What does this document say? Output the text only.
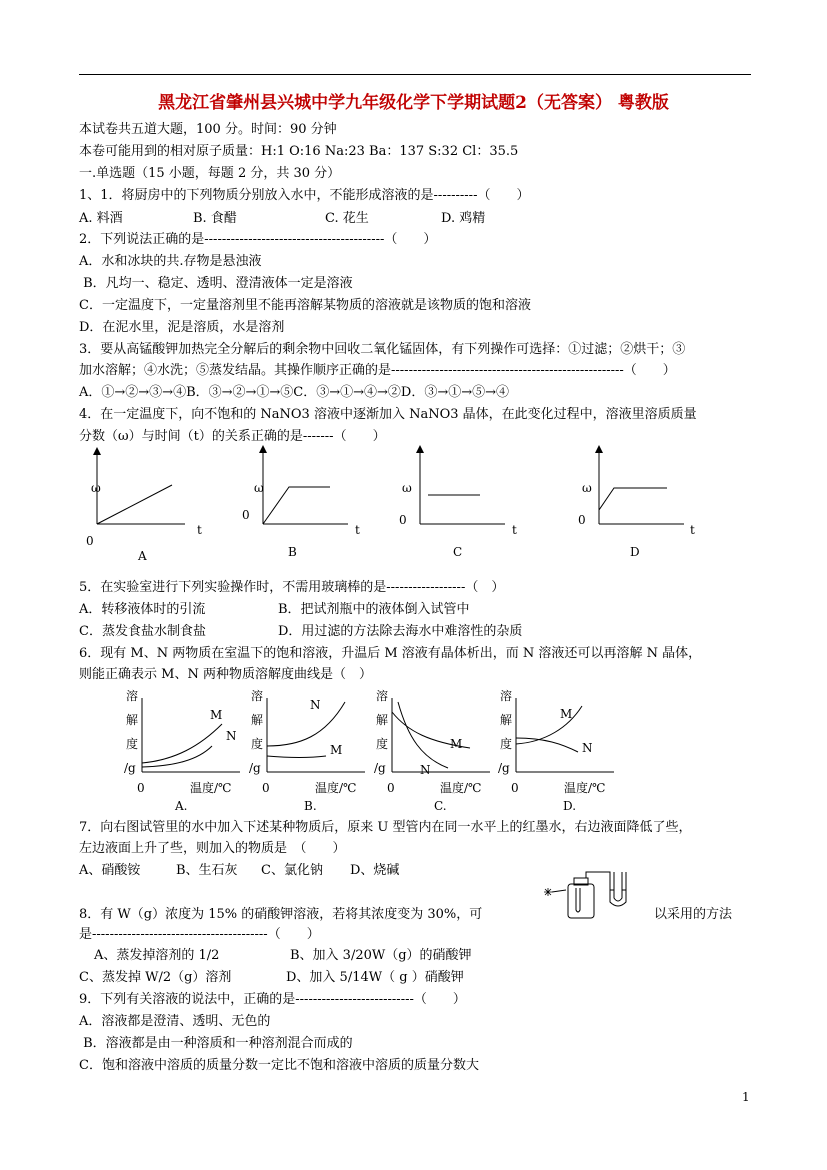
黑龙江省肇州县兴城中学九年级化学下学期试题2（无答案） 粤教版
本试卷共五道大题，100 分。时间：90 分钟
本卷可能用到的相对原子质量：H:1 O:16 Na:23 Ba：137 S:32 Cl：35.5
一.单选题（15 小题，每题 2 分，共 30 分）
1、1．将厨房中的下列物质分别放入水中，不能形成溶液的是----------（　　）
A. 料酒	B. 食醋	C. 花生	D. 鸡精
2．下列说法正确的是-----------------------------------------（　　）
A．水和冰块的共.存物是悬浊液
B．凡均一、稳定、透明、澄清液体一定是溶液
C．一定温度下，一定量溶剂里不能再溶解某物质的溶液就是该物质的饱和溶液
D．在泥水里，泥是溶质，水是溶剂
3．要从高锰酸钾加热完全分解后的剩余物中回收二氧化锰固体，有下列操作可选择：①过滤；②烘干；③
加水溶解；④水洗；⑤蒸发结晶。其操作顺序正确的是-----------------------------------------------------（　　）
A．①→②→③→④B．③→②→①→⑤C．③→①→④→②D．③→①→⑤→④
4．在一定温度下，向不饱和的 NaNO3 溶液中逐渐加入 NaNO3 晶体，在此变化过程中，溶液里溶质质量
分数（ω）与时间（t）的关系正确的是-------（　　）
ω
t
0
A
ω
t
0
B
ω
t
0
C
ω
t
0
D
5．在实验室进行下列实验操作时，不需用玻璃棒的是------------------（　）
A．转移液体时的引流	B．把试剂瓶中的液体倒入试管中
C．蒸发食盐水制食盐	D．用过滤的方法除去海水中难溶性的杂质
6．现有 M、N 两物质在室温下的饱和溶液，升温后 M 溶液有晶体析出，而 N 溶液还可以再溶解 N 晶体，
则能正确表示 M、N 两种物质溶解度曲线是（　）
溶
解
度
/g
M
N
0	温度/℃
A.
溶
解
度
/g
N
M
0	温度/℃
B.
溶
解
度
/g
M
N
0	温度/℃
C.
溶
解
度
/g
M
N
0	温度/℃
D.
7．向右图试管里的水中加入下述某种物质后，原来 U 型管内在同一水平上的红墨水，右边液面降低了些，
左边液面上升了些，则加入的物质是　（　　）
A、硝酸铵	B、生石灰 C、氯化钠 D、烧碱
8．有 W（g）浓度为 15% 的硝酸钾溶液，若将其浓度变为 30%，可	以采用的方法
是----------------------------------------（　　）
A、蒸发掉溶剂的 1/2	B、加入 3/20W（g）的硝酸钾
C、蒸发掉 W/2（g）溶剂	D、加入 5/14W（ g ）硝酸钾
9．下列有关溶液的说法中，正确的是---------------------------（　　）
A．溶液都是澄清、透明、无色的
B．溶液都是由一种溶质和一种溶剂混合而成的
C．饱和溶液中溶质的质量分数一定比不饱和溶液中溶质的质量分数大
1
